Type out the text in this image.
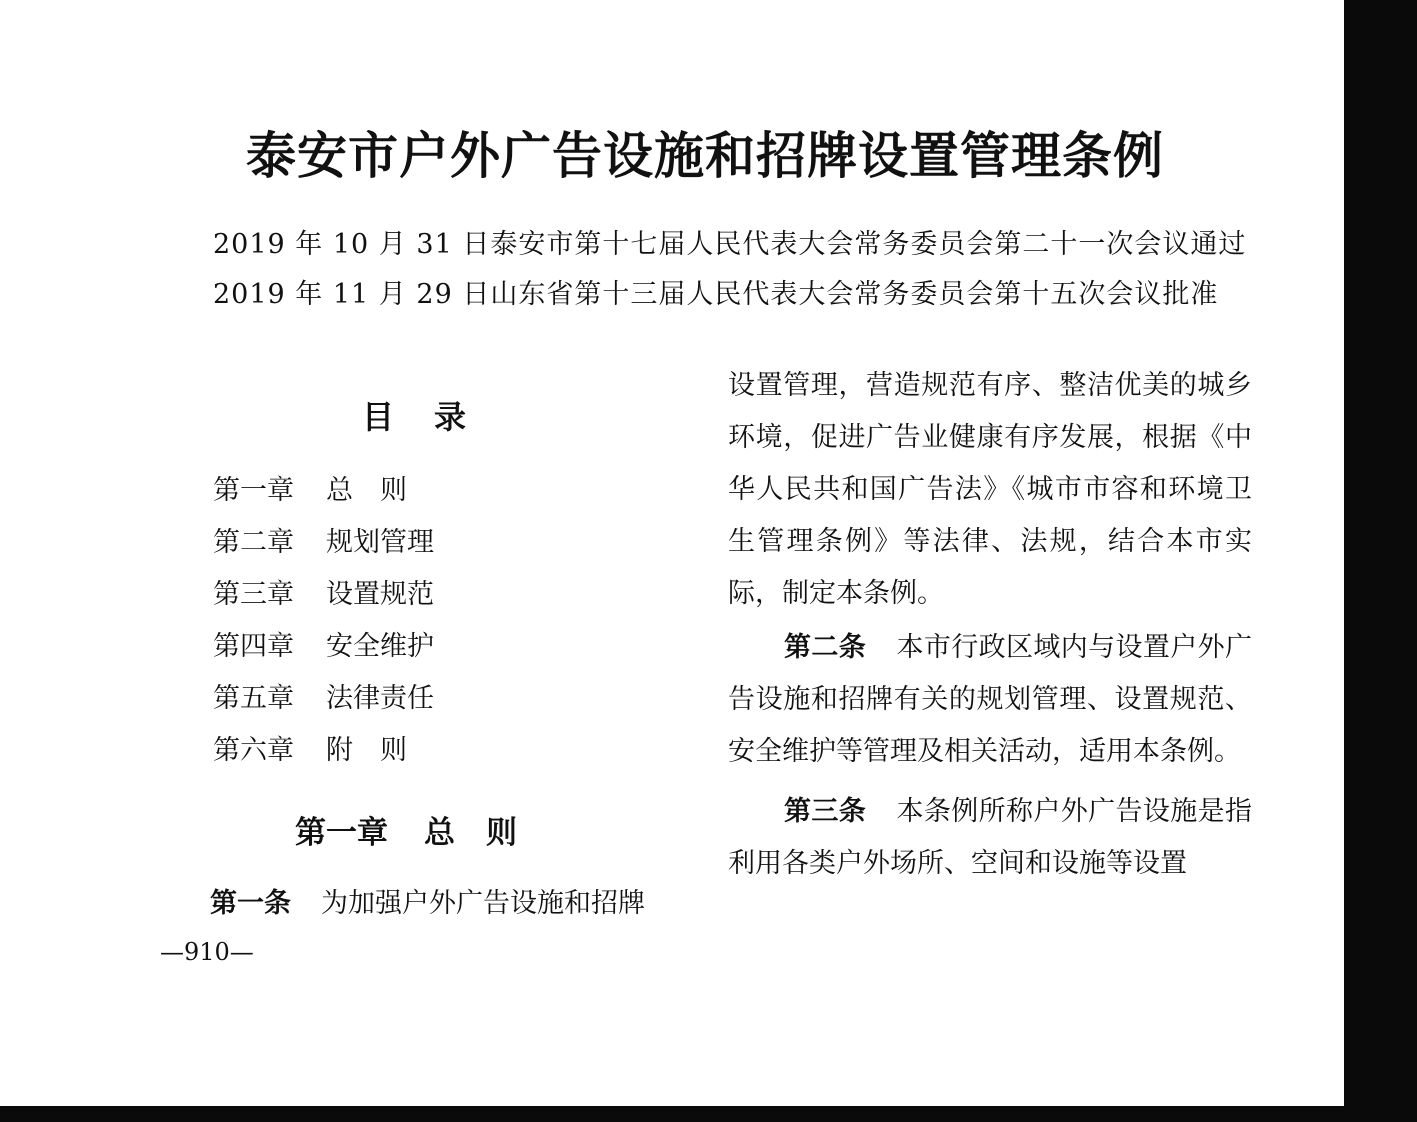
泰安市户外广告设施和招牌设置管理条例
2019 年 10 月 31 日泰安市第十七届人民代表大会常务委员会第二十一次会议通过
2019 年 11 月 29 日山东省第十三届人民代表大会常务委员会第十五次会议批准
目 录
第一章 总　则
第二章 规划管理
第三章 设置规范
第四章 安全维护
第五章 法律责任
第六章 附　则
第一章 总　则
第一条 为加强户外广告设施和招牌
—910—

设置管理，营造规范有序、整洁优美的城乡环境，促进广告业健康有序发展，根据《中华人民共和国广告法》《城市市容和环境卫生管理条例》等法律、法规，结合本市实际，制定本条例。

第二条 本市行政区域内与设置户外广告设施和招牌有关的规划管理、设置规范、安全维护等管理及相关活动，适用本条例。

第三条 本条例所称户外广告设施是指利用各类户外场所、空间和设施等设置
